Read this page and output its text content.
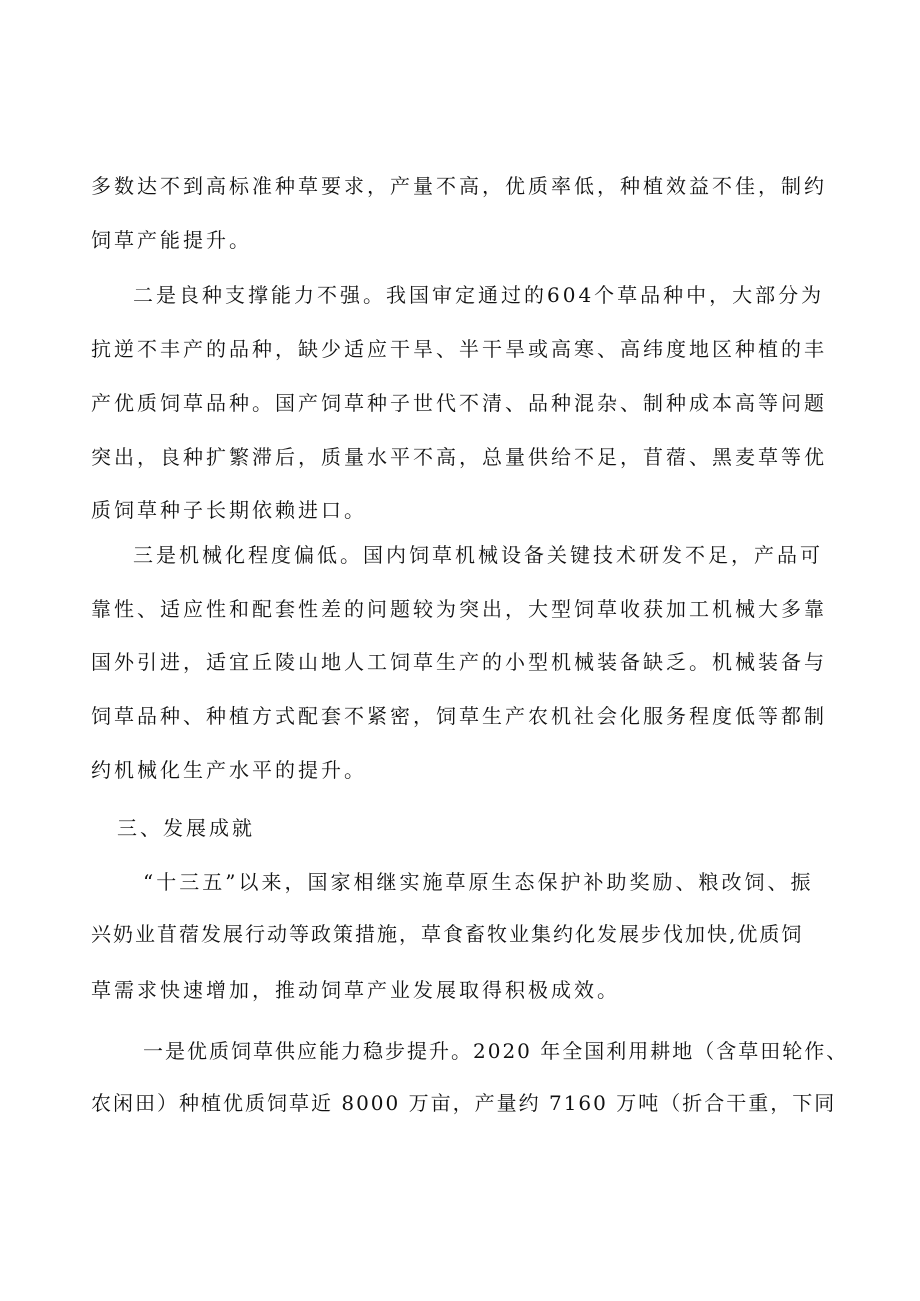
多数达不到高标准种草要求，产量不高，优质率低，种植效益不佳，制约
饲草产能提升。
二是良种支撑能力不强。我国审定通过的604个草品种中，大部分为
抗逆不丰产的品种，缺少适应干旱、半干旱或高寒、高纬度地区种植的丰
产优质饲草品种。国产饲草种子世代不清、品种混杂、制种成本高等问题
突出，良种扩繁滞后，质量水平不高，总量供给不足，苜蓿、黑麦草等优
质饲草种子长期依赖进口。
三是机械化程度偏低。国内饲草机械设备关键技术研发不足，产品可
靠性、适应性和配套性差的问题较为突出，大型饲草收获加工机械大多靠
国外引进，适宜丘陵山地人工饲草生产的小型机械装备缺乏。机械装备与
饲草品种、种植方式配套不紧密，饲草生产农机社会化服务程度低等都制
约机械化生产水平的提升。
三、发展成就
“十三五”以来，国家相继实施草原生态保护补助奖励、粮改饲、振
兴奶业苜蓿发展行动等政策措施，草食畜牧业集约化发展步伐加快,优质饲
草需求快速增加，推动饲草产业发展取得积极成效。
一是优质饲草供应能力稳步提升。2020 年全国利用耕地（含草田轮作、
农闲田）种植优质饲草近 8000 万亩，产量约 7160 万吨（折合干重，下同
